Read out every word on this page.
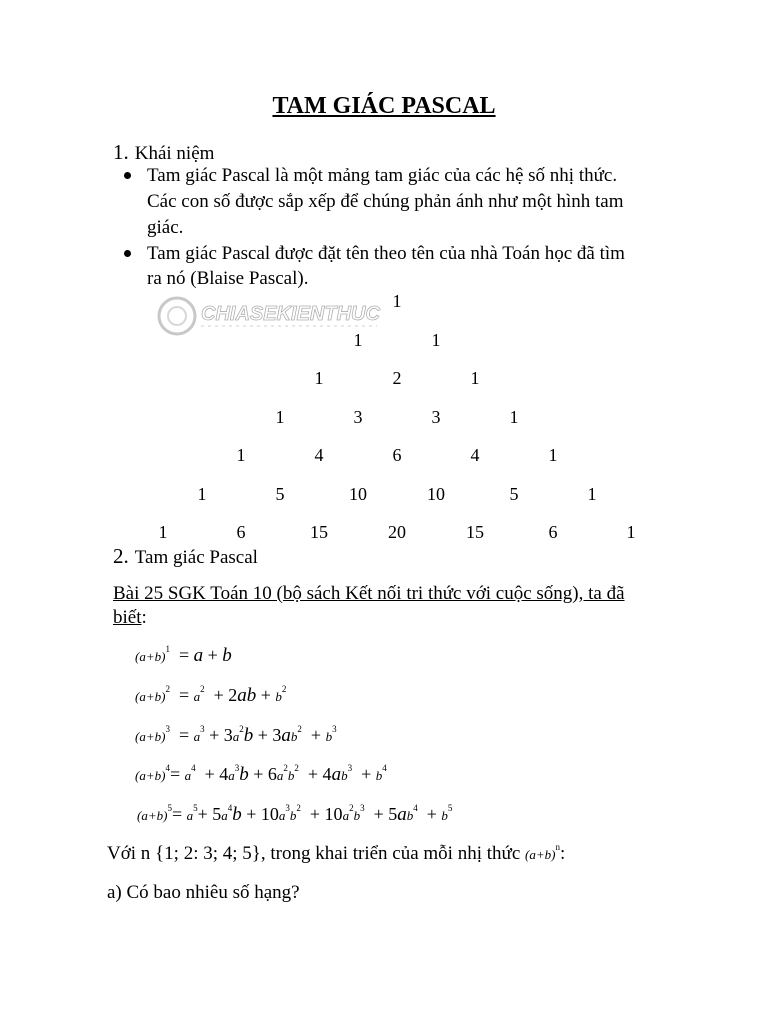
TAM GIÁC PASCAL
1. Khái niệm
Tam giác Pascal là một mảng tam giác của các hệ số nhị thức.
Các con số được sắp xếp để chúng phản ánh như một hình tam
giác.
Tam giác Pascal được đặt tên theo tên của nhà Toán học đã tìm
ra nó (Blaise Pascal).
CHIASEKIENTHUC
1
1	1
1	2	1
1	3	3	1
1	4	6	4	1
1	5	10	10	5	1
1	6	15	20	15	6	1
2. Tam giác Pascal
Bài 25 SGK Toán 10 (bộ sách Kết nối tri thức với cuộc sống), ta đã
biết:
$(a+b)^1 = a + b$
$(a+b)^2 = a^2 + 2ab + b^2$
$(a+b)^3 = a^3 + 3a^2b + 3ab^2 + b^3$
$(a+b)^4= a^4 + 4a^3b + 6a^2b^2 + 4ab^3 + b^4$
$(a+b)^5= a^5+ 5a^4b + 10a^3b^2 + 10a^2b^3 + 5ab^4 + b^5$
Với n {1; 2: 3; 4; 5}, trong khai triển của mỗi nhị thức $(a+b)^n$:
a) Có bao nhiêu số hạng?
